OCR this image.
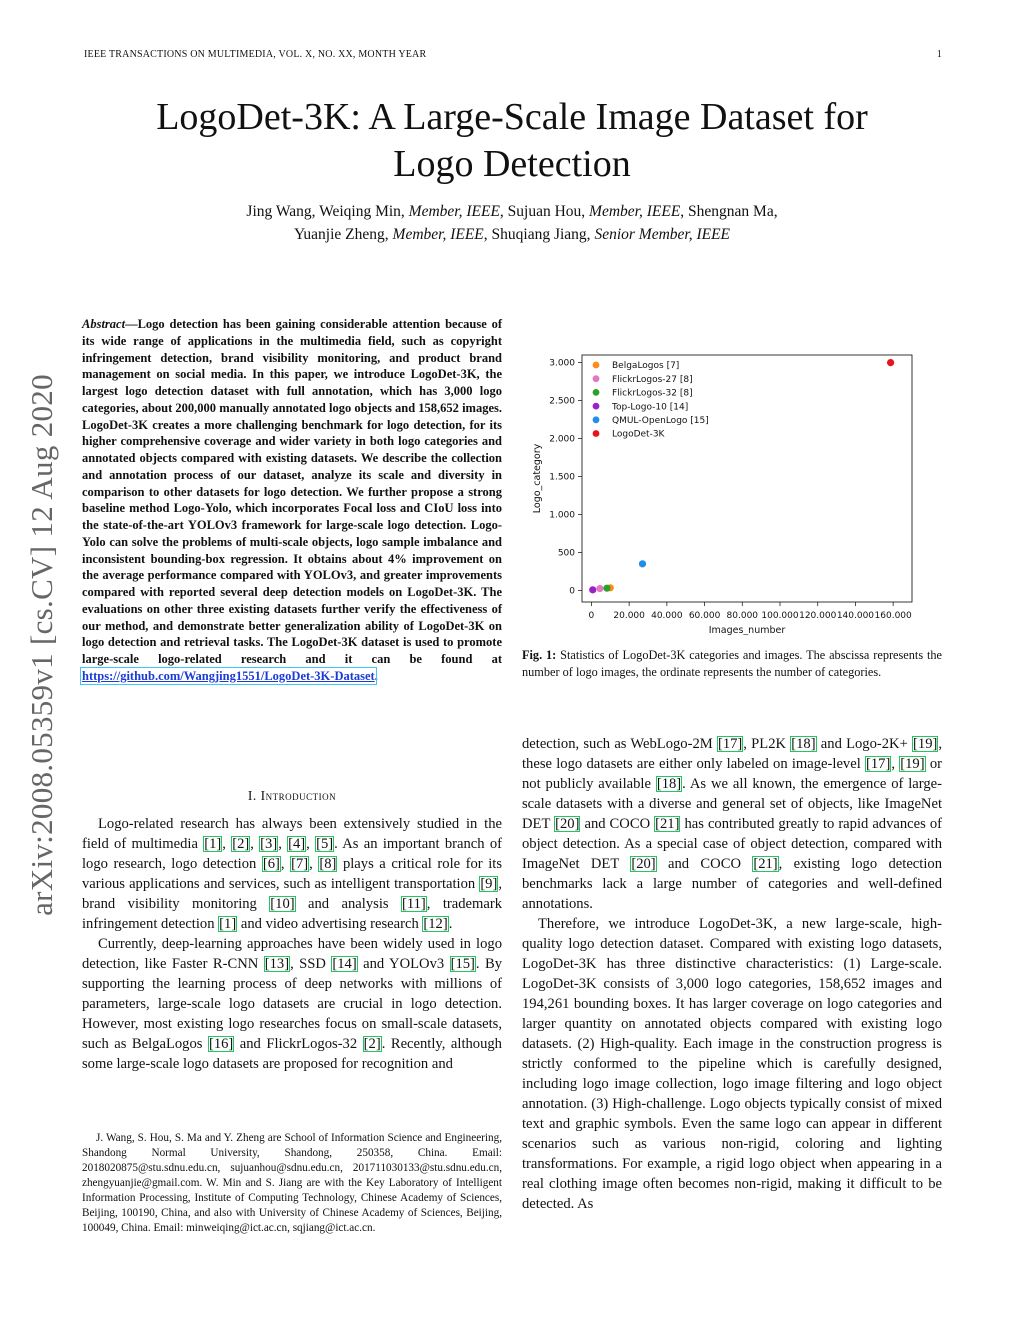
IEEE TRANSACTIONS ON MULTIMEDIA, VOL. X, NO. XX, MONTH YEAR	1
LogoDet-3K: A Large-Scale Image Dataset for
Logo Detection
Jing Wang, Weiqing Min, Member, IEEE, Sujuan Hou, Member, IEEE, Shengnan Ma,
Yuanjie Zheng, Member, IEEE, Shuqiang Jiang, Senior Member, IEEE
arXiv:2008.05359v1 [cs.CV] 12 Aug 2020
Abstract—Logo detection has been gaining considerable attention because of its wide range of applications in the multimedia field, such as copyright infringement detection, brand visibility monitoring, and product brand management on social media. In this paper, we introduce LogoDet-3K, the largest logo detection dataset with full annotation, which has 3,000 logo categories, about 200,000 manually annotated logo objects and 158,652 images. LogoDet-3K creates a more challenging benchmark for logo detection, for its higher comprehensive coverage and wider variety in both logo categories and annotated objects compared with existing datasets. We describe the collection and annotation process of our dataset, analyze its scale and diversity in comparison to other datasets for logo detection. We further propose a strong baseline method Logo-Yolo, which incorporates Focal loss and CIoU loss into the state-of-the-art YOLOv3 framework for large-scale logo detection. Logo-Yolo can solve the problems of multi-scale objects, logo sample imbalance and inconsistent bounding-box regression. It obtains about 4% improvement on the average performance compared with YOLOv3, and greater improvements compared with reported several deep detection models on LogoDet-3K. The evaluations on other three existing datasets further verify the effectiveness of our method, and demonstrate better generalization ability of LogoDet-3K on logo detection and retrieval tasks. The LogoDet-3K dataset is used to promote large-scale logo-related research and it can be found at https://github.com/Wangjing1551/LogoDet-3K-Dataset.
I. Introduction

Logo-related research has always been extensively studied in the field of multimedia [1], [2], [3], [4], [5]. As an important branch of logo research, logo detection [6], [7], [8] plays a critical role for its various applications and services, such as intelligent transportation [9], brand visibility monitoring [10] and analysis [11], trademark infringement detection [1] and video advertising research [12].

Currently, deep-learning approaches have been widely used in logo detection, like Faster R-CNN [13], SSD [14] and YOLOv3 [15]. By supporting the learning process of deep networks with millions of parameters, large-scale logo datasets are crucial in logo detection. However, most existing logo researches focus on small-scale datasets, such as BelgaLogos [16] and FlickrLogos-32 [2]. Recently, although some large-scale logo datasets are proposed for recognition and

J. Wang, S. Hou, S. Ma and Y. Zheng are School of Information Science and Engineering, Shandong Normal University, Shandong, 250358, China. Email: 2018020875@stu.sdnu.edu.cn, sujuanhou@sdnu.edu.cn, 201711030133@stu.sdnu.edu.cn, zhengyuanjie@gmail.com. W. Min and S. Jiang are with the Key Laboratory of Intelligent Information Processing, Institute of Computing Technology, Chinese Academy of Sciences, Beijing, 100190, China, and also with University of Chinese Academy of Sciences, Beijing, 100049, China. Email: minweiqing@ict.ac.cn, sqjiang@ict.ac.cn.

0 20.000 40.000 60.000 80.000 100.000 120.000 140.000 160.000
0
500
1.000
1.500
2.000
2.500
3.000
Images_number
Logo_category
BelgaLogos [7]
FlickrLogos-27 [8]
FlickrLogos-32 [8]
Top-Logo-10 [14]
QMUL-OpenLogo [15]
LogoDet-3K
Fig. 1: Statistics of LogoDet-3K categories and images. The abscissa represents the number of logo images, the ordinate represents the number of categories.

detection, such as WebLogo-2M [17], PL2K [18] and Logo-2K+ [19], these logo datasets are either only labeled on image-level [17], [19] or not publicly available [18]. As we all known, the emergence of large-scale datasets with a diverse and general set of objects, like ImageNet DET [20] and COCO [21] has contributed greatly to rapid advances of object detection. As a special case of object detection, compared with ImageNet DET [20] and COCO [21], existing logo detection benchmarks lack a large number of categories and well-defined annotations.

Therefore, we introduce LogoDet-3K, a new large-scale, high-quality logo detection dataset. Compared with existing logo datasets, LogoDet-3K has three distinctive characteristics: (1) Large-scale. LogoDet-3K consists of 3,000 logo categories, 158,652 images and 194,261 bounding boxes. It has larger coverage on logo categories and larger quantity on annotated objects compared with existing logo datasets. (2) High-quality. Each image in the construction progress is strictly conformed to the pipeline which is carefully designed, including logo image collection, logo image filtering and logo object annotation. (3) High-challenge. Logo objects typically consist of mixed text and graphic symbols. Even the same logo can appear in different scenarios such as various non-rigid, coloring and lighting transformations. For example, a rigid logo object when appearing in a real clothing image often becomes non-rigid, making it difficult to be detected. As
